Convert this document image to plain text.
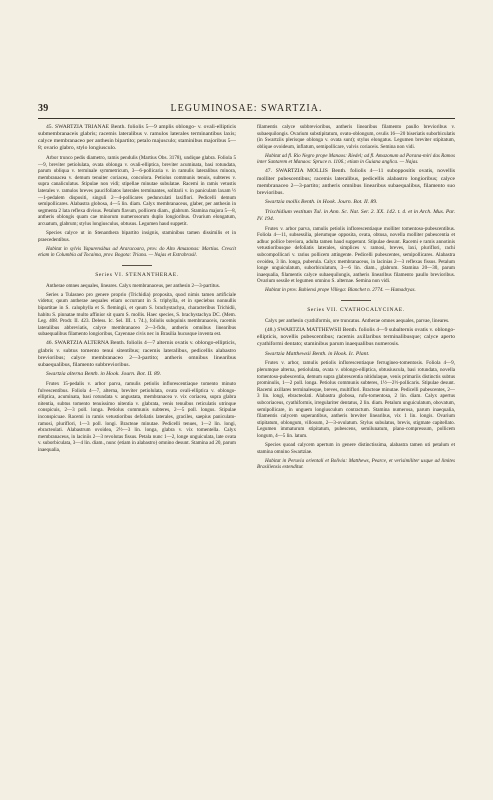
39	LEGUMINOSAE: SWARTZIA.

45. SWARTZIA TRIANAE Benth. foliolis 5—9 amplis oblongo- v. ovali-ellipticis submembranaceis glabris; racemis lateralibus v. ramulos laterales terminantibus laxis; calyce membranaceo per anthesin bipartito; petalo majusculo; staminibus majoribus 5—8; ovario glabro, stylo longiusculo.

Arbor trunco pedis diametro, ramis pendulis (Martius Obs. 3178), undique glabra. Foliola 5—9, breviter petiolulata, ovata oblonga v. ovali-elliptica, breviter acuminata, basi rotundata, parum obliqua v. terminale symmetricum, 3—6-pollicaria v. in ramulis lateralibus minora, membranacea v. demum tenuiter coriacea, concolora. Petiolus communis tenuis, subteres v. supra canaliculatus. Stipulae non vidi; stipellae minutae subulatae. Racemi in ramis vetustis laterales v. ramulos breves paucifoliatos laterales terminantes, solitarii v. in paniculam laxam ½—1-pedalem dispositi, singuli 2—4-pollicares pedunculati laxiflori. Pedicelli demum semipollicares. Alabastra globosa, 4—5 lin. diam. Calyx membranaceus, glaber, per anthesin in segmenta 2 lata reflexa divisus. Petalum flavum, pollicem diam., glabrum. Stamina majora 5—8, antheris oblongis quam cae minorum numerosorum duplo longioribus. Ovarium elongatum, arcuatum, glabrum; stylus longiusculus, obtusus. Legumen haud suppetit.

Species calyce ut in Stenanthera bipartito insignis, staminibus tamen dissimilis et in praecedentibus.

Habitat in sylvis Yapurensibus ad Araracoara, prov. do Alto Amazonas: Martius. Crescit etiam in Columbia ad Tocaima, prov. Bogota: Triana. — Najas et Extrabrasil.

Series VI. STENANTHERAE.

Antherae omnes aequales, lineares. Calyx membranaceus, per anthesin 2—3-partitus.

Series a Tulasneo pro genere proprio (Trichidia) proposita, quod nimis tamen artificiale videtur, quum antherae aequales etiam occurrant in S. triphylla, et in speciebus nonnullis bipartitae in S. calophylla et S. flemingii, et quum S. brachystachya, characteribus Trichidii, habitu S. pinnatae multo affinior sit quam S. mollis. Haec species, S. brachystachya DC. (Mem. Leg. 408. Prodr. II. 423. Deless. Ic. Sel. III. t. 74.), foliolis subquinis membranaceis, racemis lateralibus abbreviatis, calyce membranaceo 2—3-fido, antheris omnibus linearibus subaequalibus filamento longioribus, Cayennae civis nec in Brasilia hucusque inventa est.

46. SWARTZIA ALTERNA Benth. foliolis 4—7 alternis ovatis v. oblongo-ellipticis, glabris v. subtus tomento tenui sitentibus; racemis lateralibus, pedicellis alabastro brevioribus; calyce membranaceo 2—3-partito; antheris omnibus linearibus subaequalibus, filamento subbrevioribus.

Swartzia alterna Benth. in Hook. Journ. Bot. II. 89.

Frutex 15-pedalis v. arbor parva, ramulis petiolis inflorescentiaque tomento minuto fulvescentibus. Foliola 4—7, alterna, breviter petiolulata, ovata ovali-elliptica v. oblongo-elliptica, acuminata, basi rotundata v. angustata, membranacea v. vix coriacea, supra glabra nitentia, subtus tomento tenuissimo nitentia v. glabrata, venis tenuibus reticulatis utrinque conspicuis, 2—3 poll. longa. Petiolus communis subteres, 2—5 poll. longus. Stipulae inconspicuae. Racemi in ramis vetustioribus defoliatis laterales, graciles, saepius paniculato-ramosi, pluriflori, 1—3 poll. longi. Bracteae minutae. Pedicelli tenues, 1—2 lin. longi, ebracteolati. Alabastrum ovoidea, 2½—3 lin. longa, glabra v. vix tomentella. Calyx membranaceus, in laciniis 2—3 revolutas fissus. Petala nunc 1—2, longe unguiculata, late ovata v. suborbiculata, 3—4 lin. diam., nunc (etiam in alabastro) omnino desunt. Stamina ad 20, parum inaequalia,

filamentis calyce subbrevioribus, antheris linearibus filamento paullo brevioribus v. subaequilongis. Ovarium substipitatum, ovato-oblongum, ovulis 16—20 biseriatis suborbiculatis (in Swartziis plerisque oblonga v. ovata sunt); stylus elongatus. Legumen breviter stipitatum, oblique ovoideum, inflatum, semipollicare, valvis coriaceis. Semina non vidi.

Habitat ad fl. Rio Negro prope Manaos: Riedel; ad fl. Amazonum ad Parana-miri das Ramos inter Santarem et Manaos: Spruce n. 1106.; etiam in Guiana anglica. — Najas.

47. SWARTZIA MOLLIS Benth. foliolis 4—11 subopposítis ovatis, novellis molliter pubescentibus; racemis lateralibus, pedicellis alabastro longioribus; calyce membranaceo 2—3-partito; antheris omnibus linearibus subaequalibus, filamento suo brevioribus.

Swartzia mollis Benth. in Hook. Journ. Bot. II. 89.

Trischidium vestitum Tul. in Ann. Sc. Nat. Ser. 2. XX. 142. t. 4. et in Arch. Mus. Par. IV. 194.

Frutex v. arbor parva, ramulis petiolis inflorescentiaque molliter tomentoso-pubescentibus. Foliola 4—11, subsessilia, plerumque opposita, ovata, obtusa, novella molliter pubescentia et adhuc pollice breviora, adulta tamen haud suppetunt. Stipulae desunt. Racemi e ramis annotinis vetustioribusque defoliatis laterales, simplices v. ramosi, breves, laxi, pluriflori, rachi subcompollicari v. rarius pollicem attingente. Pedicelli pubescentes, semipollicares. Alabastra ovoidea, 3 lin. longa, puberula. Calyx membranaceus, in lacinias 2—3 reflexas fissus. Petalum longe unguiculatum, suborbiculatum, 3—6 lin. diam., glabrum. Stamina 20—30, parum inaequalia, filamentis calyce subaequilongis, antheris linearibus filamento paullo brevioribus. Ovarium sessile et legumen omnino S. alternae. Semina non vidi.

Habitat in prov. Bahiensi prope Villega: Blanchet n. 2774. — Hamadryas.

Series VII. CYATHOCALYCINAE.

Calyx per anthesin cyathiformis, ore truncatus. Antherae omnes aequales, parvae, lineares.

(48.) SWARTZIA MATTHEWSII Benth. foliolis 4—9 subalternis ovatis v. oblongo-ellipticis, novellis pubescentibus; racemis axillaribus terminalibusque; calyce aperto cyathiformi dentato; staminibus parum inaequalibus numerosis.

Swartzia Matthewsii Benth. in Hook. Ic. Plant.

Frutex v. arbor, ramulis petiolis inflorescentiaque ferrugineo-tomentosis. Foliola 4—9, plerumque alterna, petiolulata, ovata v. oblongo-elliptica, obtusiuscula, basi rotundata, novella tomentoso-pubescentia, demum supra glabrescentia nitidulaque, venis primariis distinctis subtus prominulis, 1—2 poll. longa. Petiolus communis subteres, 1½—2½-pollicaris. Stipulae desunt. Racemi axillares terminalesque, breves, multiflori. Bracteae minutae. Pedicelli pubescentes, 2—3 lin. longi, ebracteolati. Alabastra globosa, rufo-tomentosa, 2 lin. diam. Calyx apertus subcoriaceus, cyathiformis, irregulariter dentatus, 2 lin. diam. Petalum unguiculatum, obovatum, semipollicare, in unguem longiusculum contractum. Stamina numerosa, parum inaequalia, filamentis calycem superantibus, antheris breviter linearibus, vix 1 lin. longis. Ovarium stipitatum, oblongum, villosum, 2—3-ovulatum. Stylus subulatus, brevis, stigmate capitellato. Legumen immaturum stipitatum, pubescens, semilunatum, plano-compressum, pollicem longum, 4—5 lin. latum.

Species quoad calycem apertum in genere distinctissima, alabastra tamen uti petalum et stamina omnino Swartziae.

Habitat in Peruvia orientali et Bolivia: Matthews, Pearce, et verisimiliter usque ad limites Brasiliensis extenditur.
